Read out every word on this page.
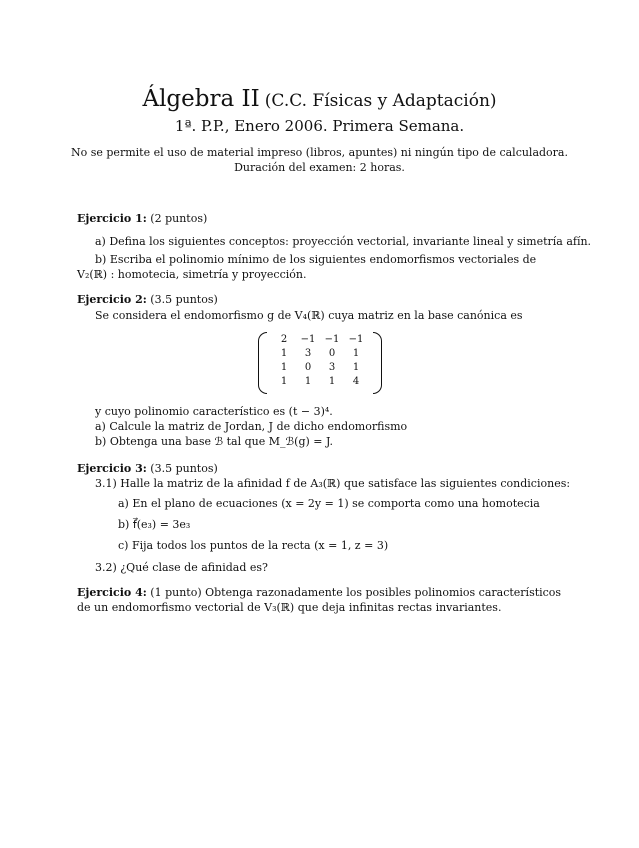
Álgebra II (C.C. Físicas y Adaptación)
1ª. P.P., Enero 2006. Primera Semana.
No se permite el uso de material impreso (libros, apuntes) ni ningún tipo de calculadora.
Duración del examen: 2 horas.
Ejercicio 1: (2 puntos)
a) Defina los siguientes conceptos: proyección vectorial, invariante lineal y simetría afín.
b) Escriba el polinomio mínimo de los siguientes endomorfismos vectoriales de V₂(ℝ) : homotecia, simetría y proyección.
Ejercicio 2: (3.5 puntos)
Se considera el endomorfismo g de V₄(ℝ) cuya matriz en la base canónica es
2	−1	−1	−1
1	3	0	1
1	0	3	1
1	1	1	4
y cuyo polinomio característico es (t − 3)⁴.
a) Calcule la matriz de Jordan, J de dicho endomorfismo
b) Obtenga una base ℬ tal que M_ℬ(g) = J.
Ejercicio 3: (3.5 puntos)
3.1) Halle la matriz de la afinidad f de A₃(ℝ) que satisface las siguientes condiciones:
a) En el plano de ecuaciones (x = 2y = 1) se comporta como una homotecia
b) f⃗(e₃) = 3e₃
c) Fija todos los puntos de la recta (x = 1, z = 3)
3.2) ¿Qué clase de afinidad es?
Ejercicio 4: (1 punto) Obtenga razonadamente los posibles polinomios característicos de un endomorfismo vectorial de V₃(ℝ) que deja infinitas rectas invariantes.
